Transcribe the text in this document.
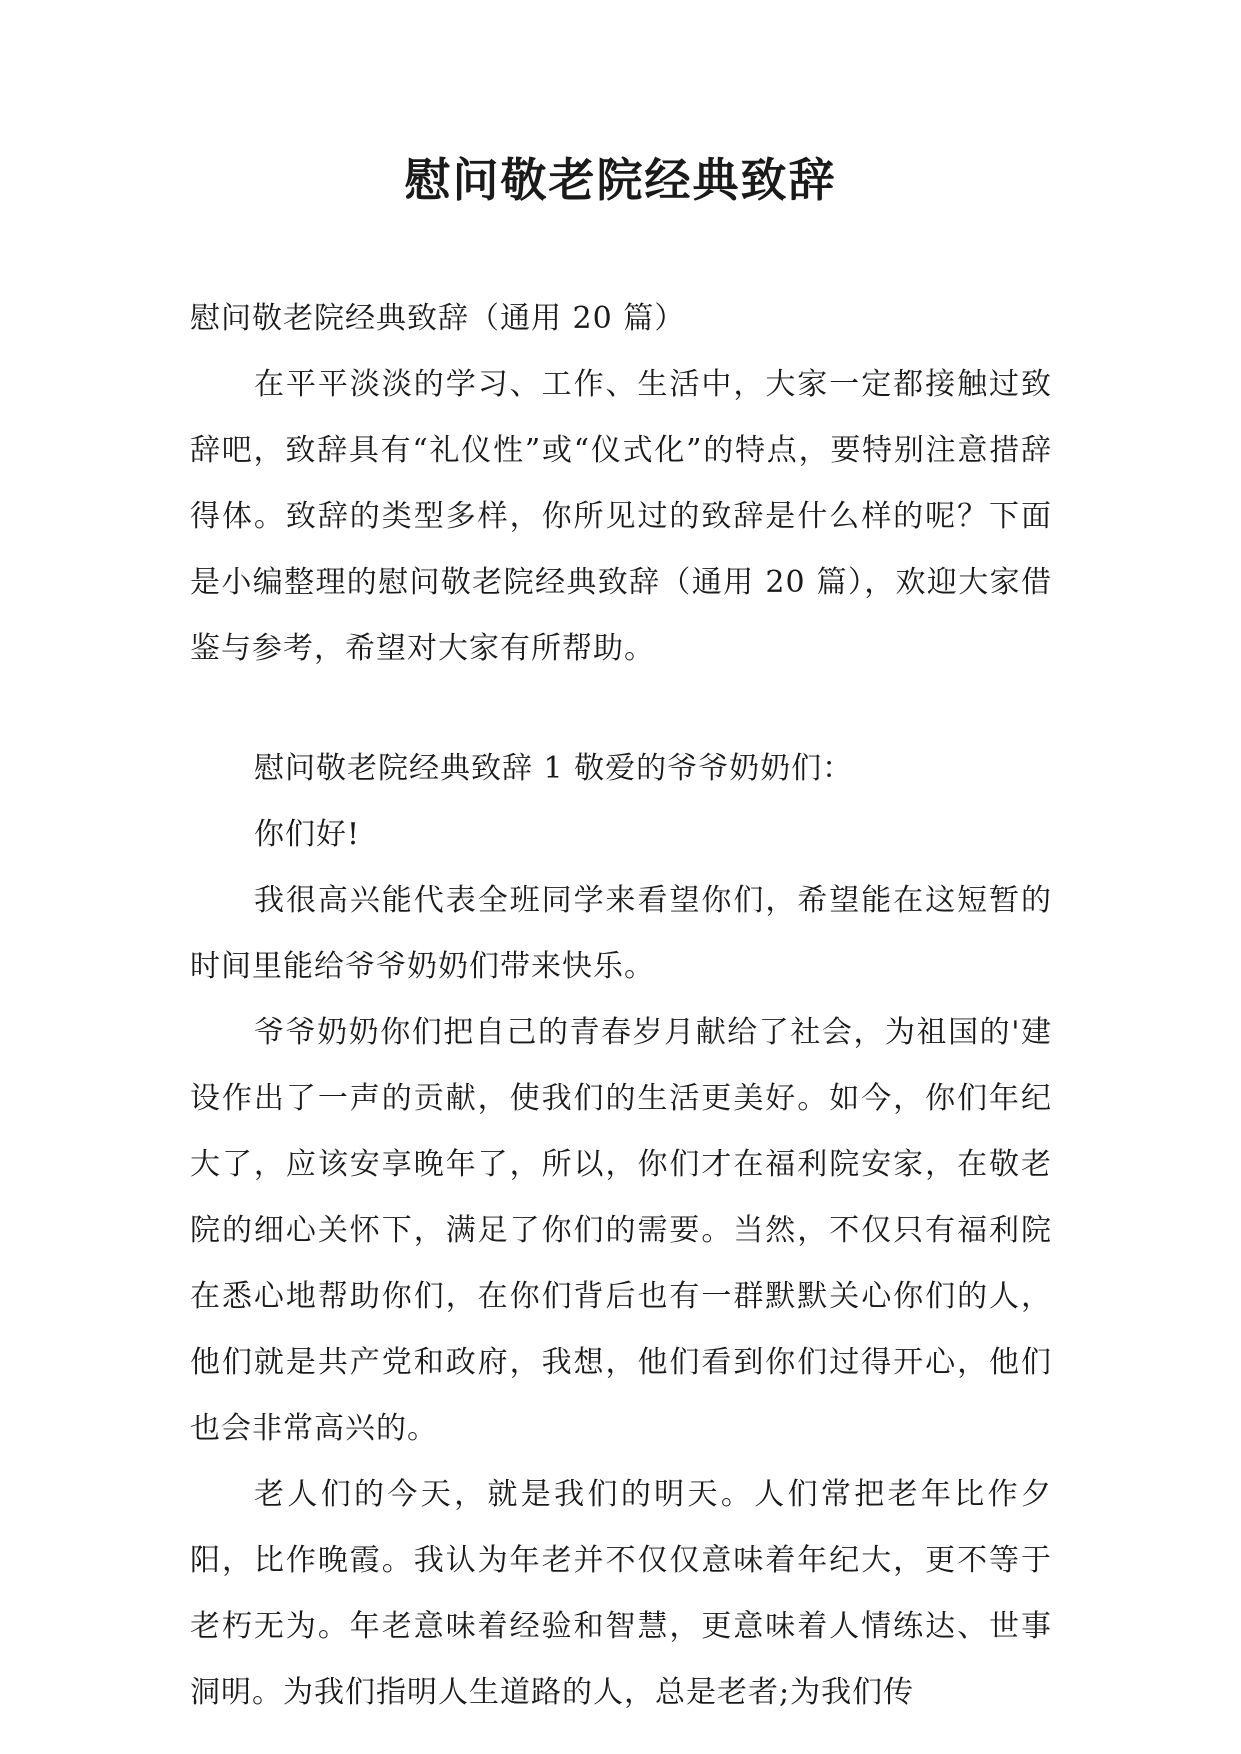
慰问敬老院经典致辞

慰问敬老院经典致辞（通用 20 篇）

在平平淡淡的学习、工作、生活中，大家一定都接触过致辞吧，致辞具有“礼仪性”或“仪式化”的特点，要特别注意措辞得体。致辞的类型多样，你所见过的致辞是什么样的呢？下面是小编整理的慰问敬老院经典致辞（通用 20 篇），欢迎大家借鉴与参考，希望对大家有所帮助。

慰问敬老院经典致辞 1 敬爱的爷爷奶奶们：

你们好!

我很高兴能代表全班同学来看望你们，希望能在这短暂的时间里能给爷爷奶奶们带来快乐。

爷爷奶奶你们把自己的青春岁月献给了社会，为祖国的'建设作出了一声的贡献，使我们的生活更美好。如今，你们年纪大了，应该安享晚年了，所以，你们才在福利院安家，在敬老院的细心关怀下，满足了你们的需要。当然，不仅只有福利院在悉心地帮助你们，在你们背后也有一群默默关心你们的人，他们就是共产党和政府，我想，他们看到你们过得开心，他们也会非常高兴的。

老人们的今天，就是我们的明天。人们常把老年比作夕阳，比作晚霞。我认为年老并不仅仅意味着年纪大，更不等于老朽无为。年老意味着经验和智慧，更意味着人情练达、世事洞明。为我们指明人生道路的人，总是老者;为我们传
